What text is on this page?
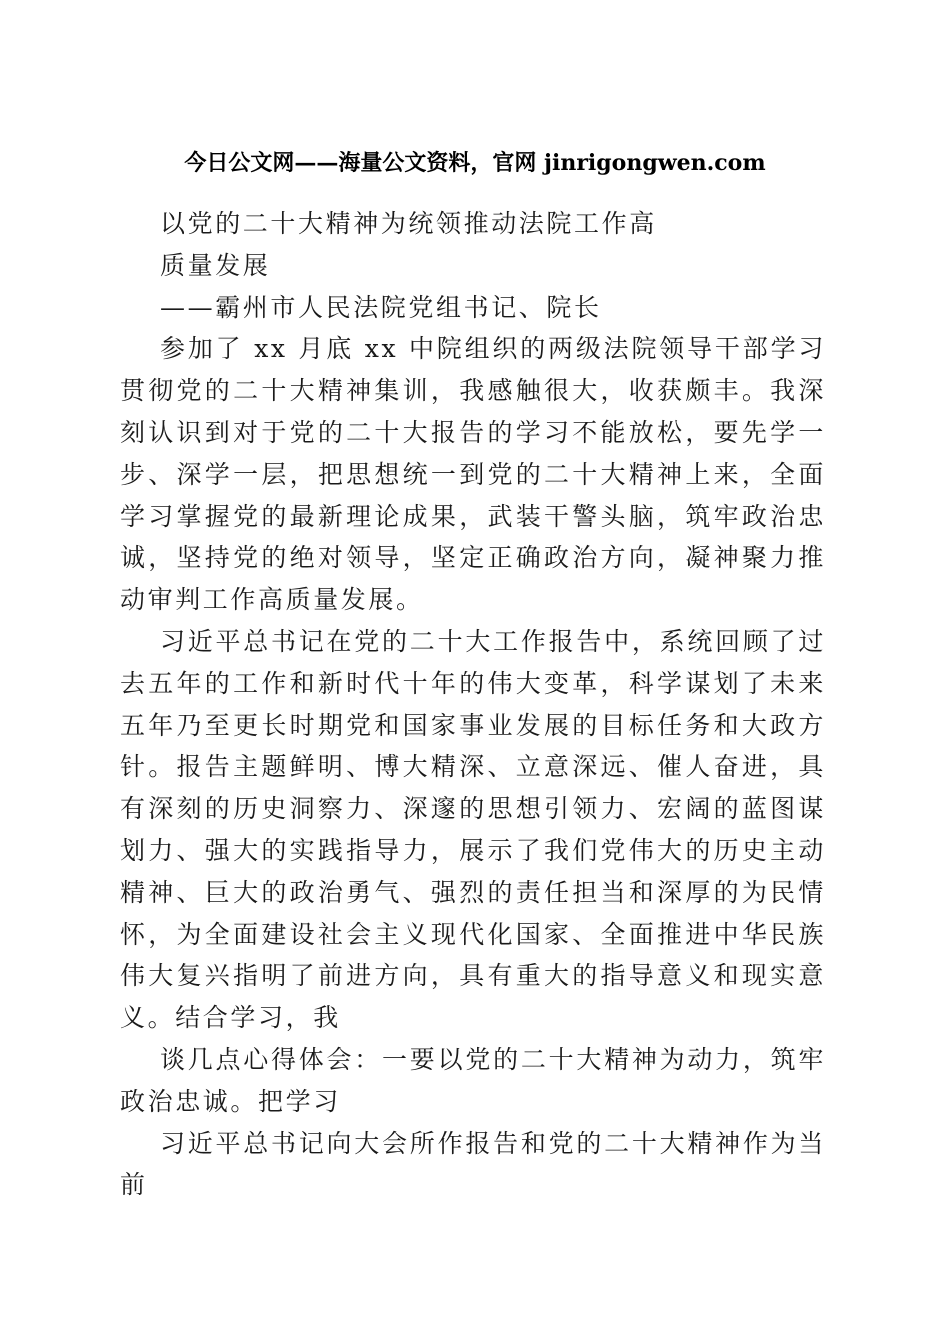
今日公文网——海量公文资料，官网 jinrigongwen.com

以党的二十大精神为统领推动法院工作高

质量发展

——霸州市人民法院党组书记、院长

参加了 xx 月底 xx 中院组织的两级法院领导干部学习贯彻党的二十大精神集训，我感触很大，收获颇丰。我深刻认识到对于党的二十大报告的学习不能放松，要先学一步、深学一层，把思想统一到党的二十大精神上来，全面学习掌握党的最新理论成果，武装干警头脑，筑牢政治忠诚，坚持党的绝对领导，坚定正确政治方向，凝神聚力推动审判工作高质量发展。

习近平总书记在党的二十大工作报告中，系统回顾了过去五年的工作和新时代十年的伟大变革，科学谋划了未来五年乃至更长时期党和国家事业发展的目标任务和大政方针。报告主题鲜明、博大精深、立意深远、催人奋进，具有深刻的历史洞察力、深邃的思想引领力、宏阔的蓝图谋划力、强大的实践指导力，展示了我们党伟大的历史主动精神、巨大的政治勇气、强烈的责任担当和深厚的为民情怀，为全面建设社会主义现代化国家、全面推进中华民族伟大复兴指明了前进方向，具有重大的指导意义和现实意义。结合学习，我

谈几点心得体会：一要以党的二十大精神为动力，筑牢政治忠诚。把学习

习近平总书记向大会所作报告和党的二十大精神作为当前
